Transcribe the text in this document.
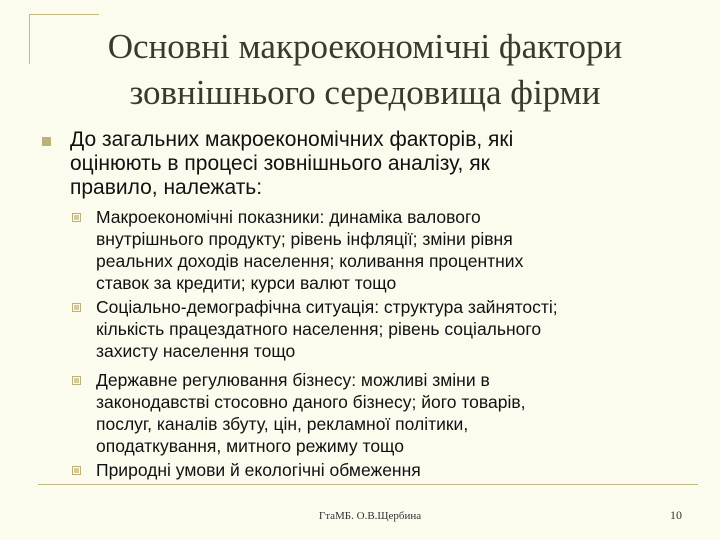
Основні макроекономічні фактори
зовнішнього середовища фірми
До загальних макроекономічних факторів, які
оцінюють в процесі зовнішнього аналізу, як
правило, належать:
Макроекономічні показники: динаміка валового
внутрішнього продукту; рівень інфляції; зміни рівня
реальних доходів населення; коливання процентних
ставок за кредити; курси валют тощо
Соціально-демографічна ситуація: структура зайнятості;
кількість працездатного населення; рівень соціального
захисту населення тощо
Державне регулювання бізнесу: можливі зміни в
законодавстві стосовно даного бізнесу; його товарів,
послуг, каналів збуту, цін, рекламної політики,
оподаткування, митного режиму тощо
Природні умови й екологічні обмеження
ГтаМБ. О.В.Щербина	10
